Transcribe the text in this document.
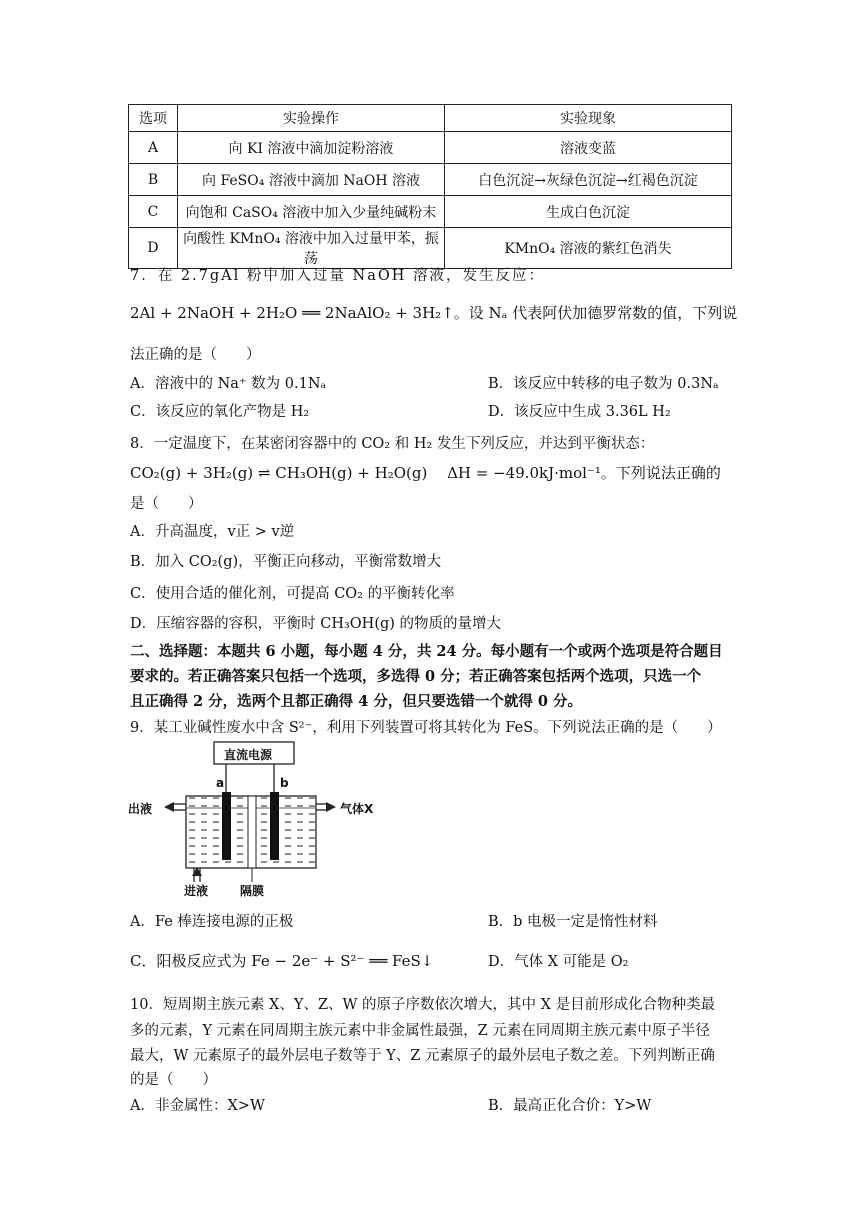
选项	实验操作	实验现象
A	向 KI 溶液中滴加淀粉溶液	溶液变蓝
B	向 FeSO₄ 溶液中滴加 NaOH 溶液	白色沉淀→灰绿色沉淀→红褐色沉淀
C	向饱和 CaSO₄ 溶液中加入少量纯碱粉末	生成白色沉淀
D	向酸性 KMnO₄ 溶液中加入过量甲苯，振荡	KMnO₄ 溶液的紫红色消失
7．在 2.7gAl 粉中加入过量 NaOH 溶液，发生反应：
2Al + 2NaOH + 2H₂O ══ 2NaAlO₂ + 3H₂↑。设 Nₐ 代表阿伏加德罗常数的值，下列说
法正确的是（　　）
A．溶液中的 Na⁺ 数为 0.1Nₐ	B．该反应中转移的电子数为 0.3Nₐ
C．该反应的氧化产物是 H₂	D．该反应中生成 3.36L H₂
8．一定温度下，在某密闭容器中的 CO₂ 和 H₂ 发生下列反应，并达到平衡状态：
CO₂(g) + 3H₂(g) ⇌ CH₃OH(g) + H₂O(g)　 ΔH = −49.0kJ·mol⁻¹。下列说法正确的
是（　　）
A．升高温度，v正 > v逆
B．加入 CO₂(g)，平衡正向移动，平衡常数增大
C．使用合适的催化剂，可提高 CO₂ 的平衡转化率
D．压缩容器的容积，平衡时 CH₃OH(g) 的物质的量增大
二、选择题：本题共 6 小题，每小题 4 分，共 24 分。每小题有一个或两个选项是符合题目
要求的。若正确答案只包括一个选项，多选得 0 分；若正确答案包括两个选项，只选一个
且正确得 2 分，选两个且都正确得 4 分，但只要选错一个就得 0 分。
9．某工业碱性废水中含 S²⁻，利用下列装置可将其转化为 FeS。下列说法正确的是（　　）
直流电源
a	b
出液	气体X
进液	隔膜
A．Fe 棒连接电源的正极	B．b 电极一定是惰性材料
C．阳极反应式为 Fe − 2e⁻ + S²⁻ ══ FeS↓	D．气体 X 可能是 O₂
10．短周期主族元素 X、Y、Z、W 的原子序数依次增大，其中 X 是目前形成化合物种类最
多的元素，Y 元素在同周期主族元素中非金属性最强，Z 元素在同周期主族元素中原子半径
最大，W 元素原子的最外层电子数等于 Y、Z 元素原子的最外层电子数之差。下列判断正确
的是（　　）
A．非金属性：X>W	B．最高正化合价：Y>W
